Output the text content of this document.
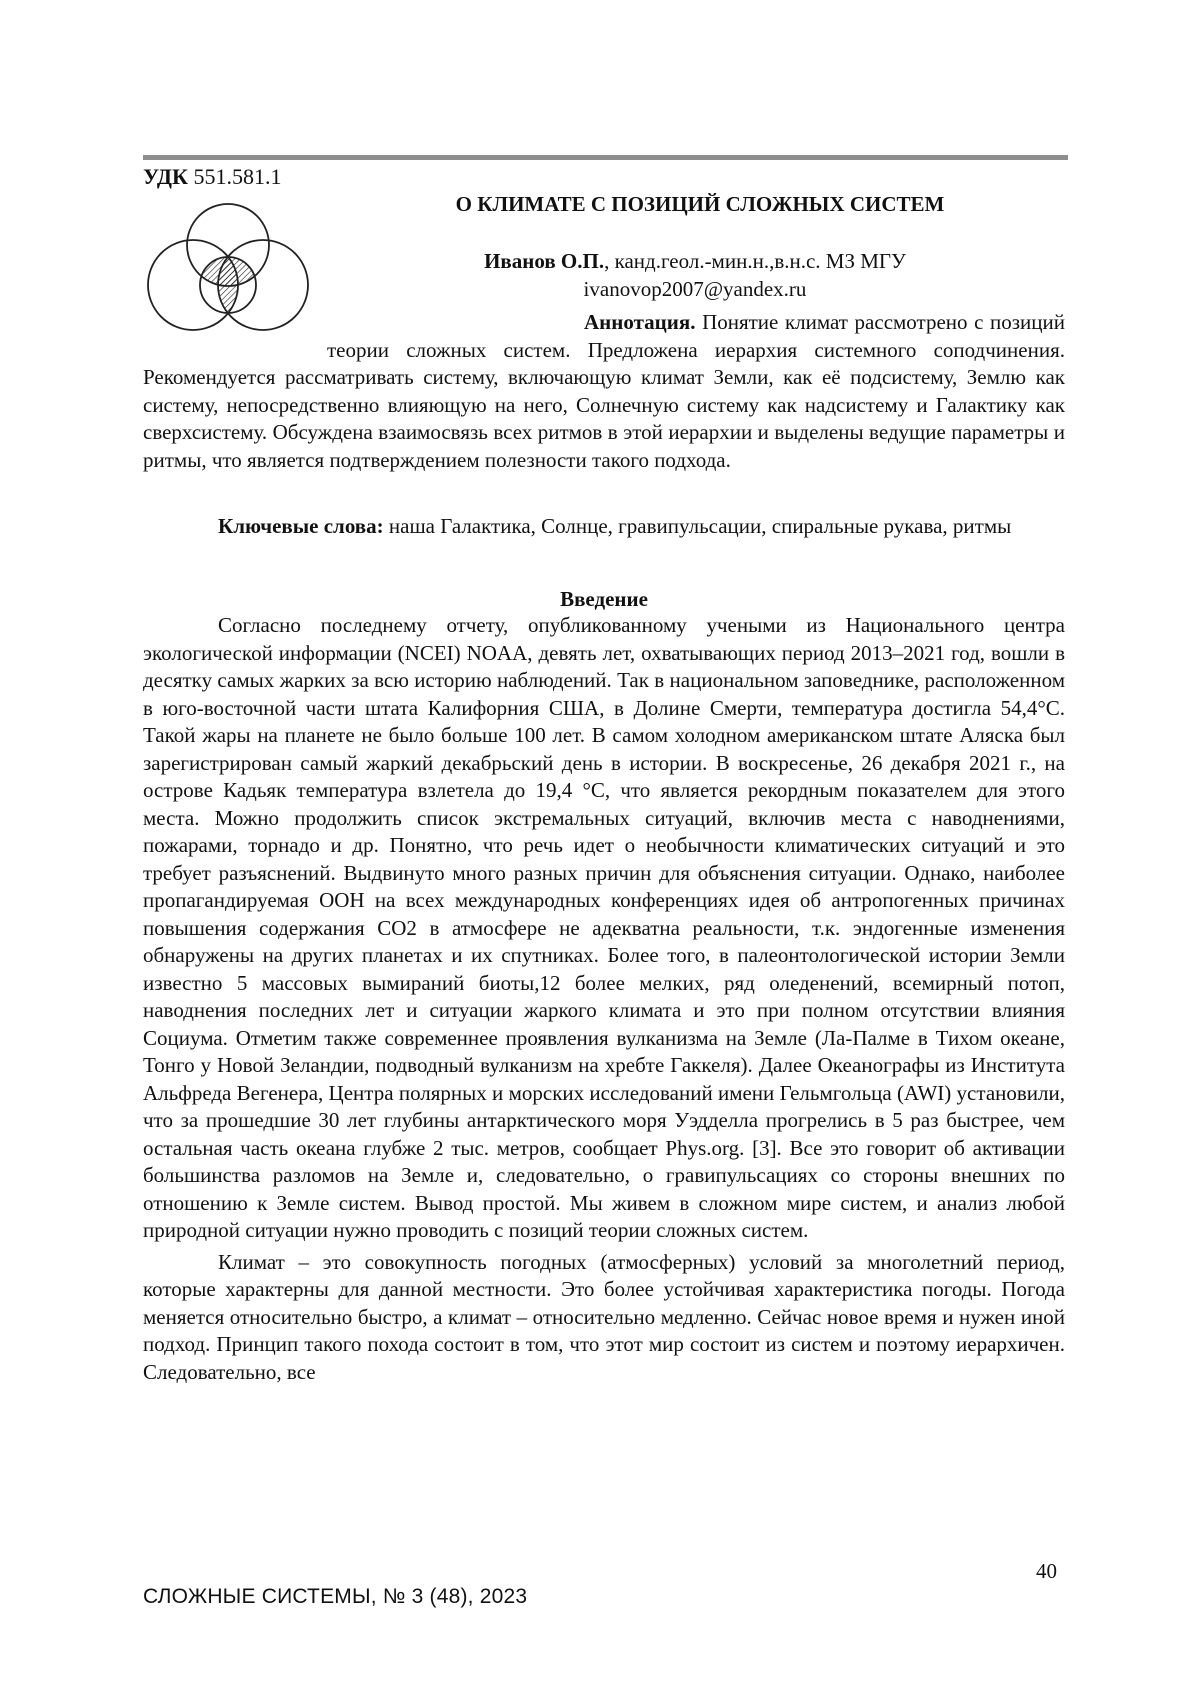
УДК 551.581.1
О КЛИМАТЕ С ПОЗИЦИЙ СЛОЖНЫХ СИСТЕМ
Иванов О.П., канд.геол.-мин.н.,в.н.с. МЗ МГУ
ivanovop2007@yandex.ru
Аннотация. Понятие климат рассмотрено с позиций теории сложных систем. Предложена иерархия системного соподчинения. Рекомендуется рассматривать систему, включающую климат Земли, как её подсистему, Землю как систему, непосредственно влияющую на него, Солнечную систему как надсистему и Галактику как сверхсистему. Обсуждена взаимосвязь всех ритмов в этой иерархии и выделены ведущие параметры и ритмы, что является подтверждением полезности такого подхода.
Ключевые слова: наша Галактика, Солнце, гравипульсации, спиральные рукава, ритмы
Введение

Согласно последнему отчету, опубликованному учеными из Национального центра экологической информации (NCEI) NOAA, девять лет, охватывающих период 2013–2021 год, вошли в десятку самых жарких за всю историю наблюдений. Так в национальном заповеднике, расположенном в юго-восточной части штата Калифорния США, в Долине Смерти, температура достигла 54,4°С. Такой жары на планете не было больше 100 лет. В самом холодном американском штате Аляска был зарегистрирован самый жаркий декабрьский день в истории. В воскресенье, 26 декабря 2021 г., на острове Кадьяк температура взлетела до 19,4 °C, что является рекордным показателем для этого места. Можно продолжить список экстремальных ситуаций, включив места с наводнениями, пожарами, торнадо и др. Понятно, что речь идет о необычности климатических ситуаций и это требует разъяснений. Выдвинуто много разных причин для объяснения ситуации. Однако, наиболее пропагандируемая ООН на всех международных конференциях идея об антропогенных причинах повышения содержания СО2 в атмосфере не адекватна реальности, т.к. эндогенные изменения обнаружены на других планетах и их спутниках. Более того, в палеонтологической истории Земли известно 5 массовых вымираний биоты,12 более мелких, ряд оледенений, всемирный потоп, наводнения последних лет и ситуации жаркого климата и это при полном отсутствии влияния Социума. Отметим также современнее проявления вулканизма на Земле (Ла-Палме в Тихом океане, Тонго у Новой Зеландии, подводный вулканизм на хребте Гаккеля). Далее Океанографы из Института Альфреда Вегенера, Центра полярных и морских исследований имени Гельмгольца (AWI) установили, что за прошедшие 30 лет глубины антарктического моря Уэдделла прогрелись в 5 раз быстрее, чем остальная часть океана глубже 2 тыс. метров, сообщает Phys.org. [3]. Все это говорит об активации большинства разломов на Земле и, следовательно, о гравипульсациях со стороны внешних по отношению к Земле систем. Вывод простой. Мы живем в сложном мире систем, и анализ любой природной ситуации нужно проводить с позиций теории сложных систем.

Климат – это совокупность погодных (атмосферных) условий за многолетний период, которые характерны для данной местности. Это более устойчивая характеристика погоды. Погода меняется относительно быстро, а климат – относительно медленно. Сейчас новое время и нужен иной подход. Принцип такого похода состоит в том, что этот мир состоит из систем и поэтому иерархичен. Следовательно, все

40
СЛОЖНЫЕ СИСТЕМЫ, № 3 (48), 2023
